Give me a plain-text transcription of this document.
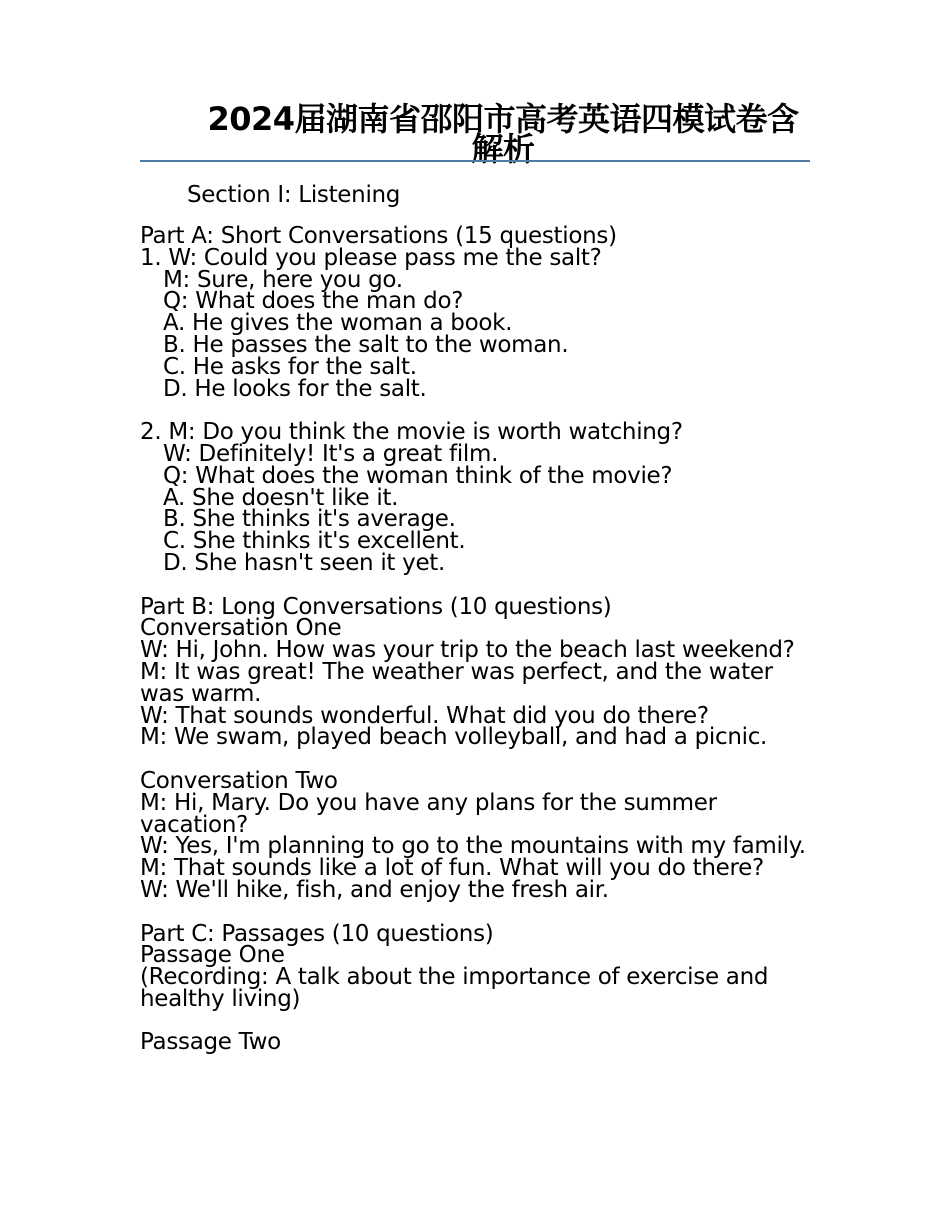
2024届湖南省邵阳市高考英语四模试卷含解析
Section I: Listening
Part A: Short Conversations (15 questions)
1. W: Could you please pass me the salt?
M: Sure, here you go.
Q: What does the man do?
A. He gives the woman a book.
B. He passes the salt to the woman.
C. He asks for the salt.
D. He looks for the salt.
2. M: Do you think the movie is worth watching?
W: Definitely! It's a great film.
Q: What does the woman think of the movie?
A. She doesn't like it.
B. She thinks it's average.
C. She thinks it's excellent.
D. She hasn't seen it yet.
Part B: Long Conversations (10 questions)
Conversation One
W: Hi, John. How was your trip to the beach last weekend?
M: It was great! The weather was perfect, and the water was warm.
W: That sounds wonderful. What did you do there?
M: We swam, played beach volleyball, and had a picnic.
Conversation Two
M: Hi, Mary. Do you have any plans for the summer vacation?
W: Yes, I'm planning to go to the mountains with my family.
M: That sounds like a lot of fun. What will you do there?
W: We'll hike, fish, and enjoy the fresh air.
Part C: Passages (10 questions)
Passage One
(Recording: A talk about the importance of exercise and healthy living)
Passage Two
